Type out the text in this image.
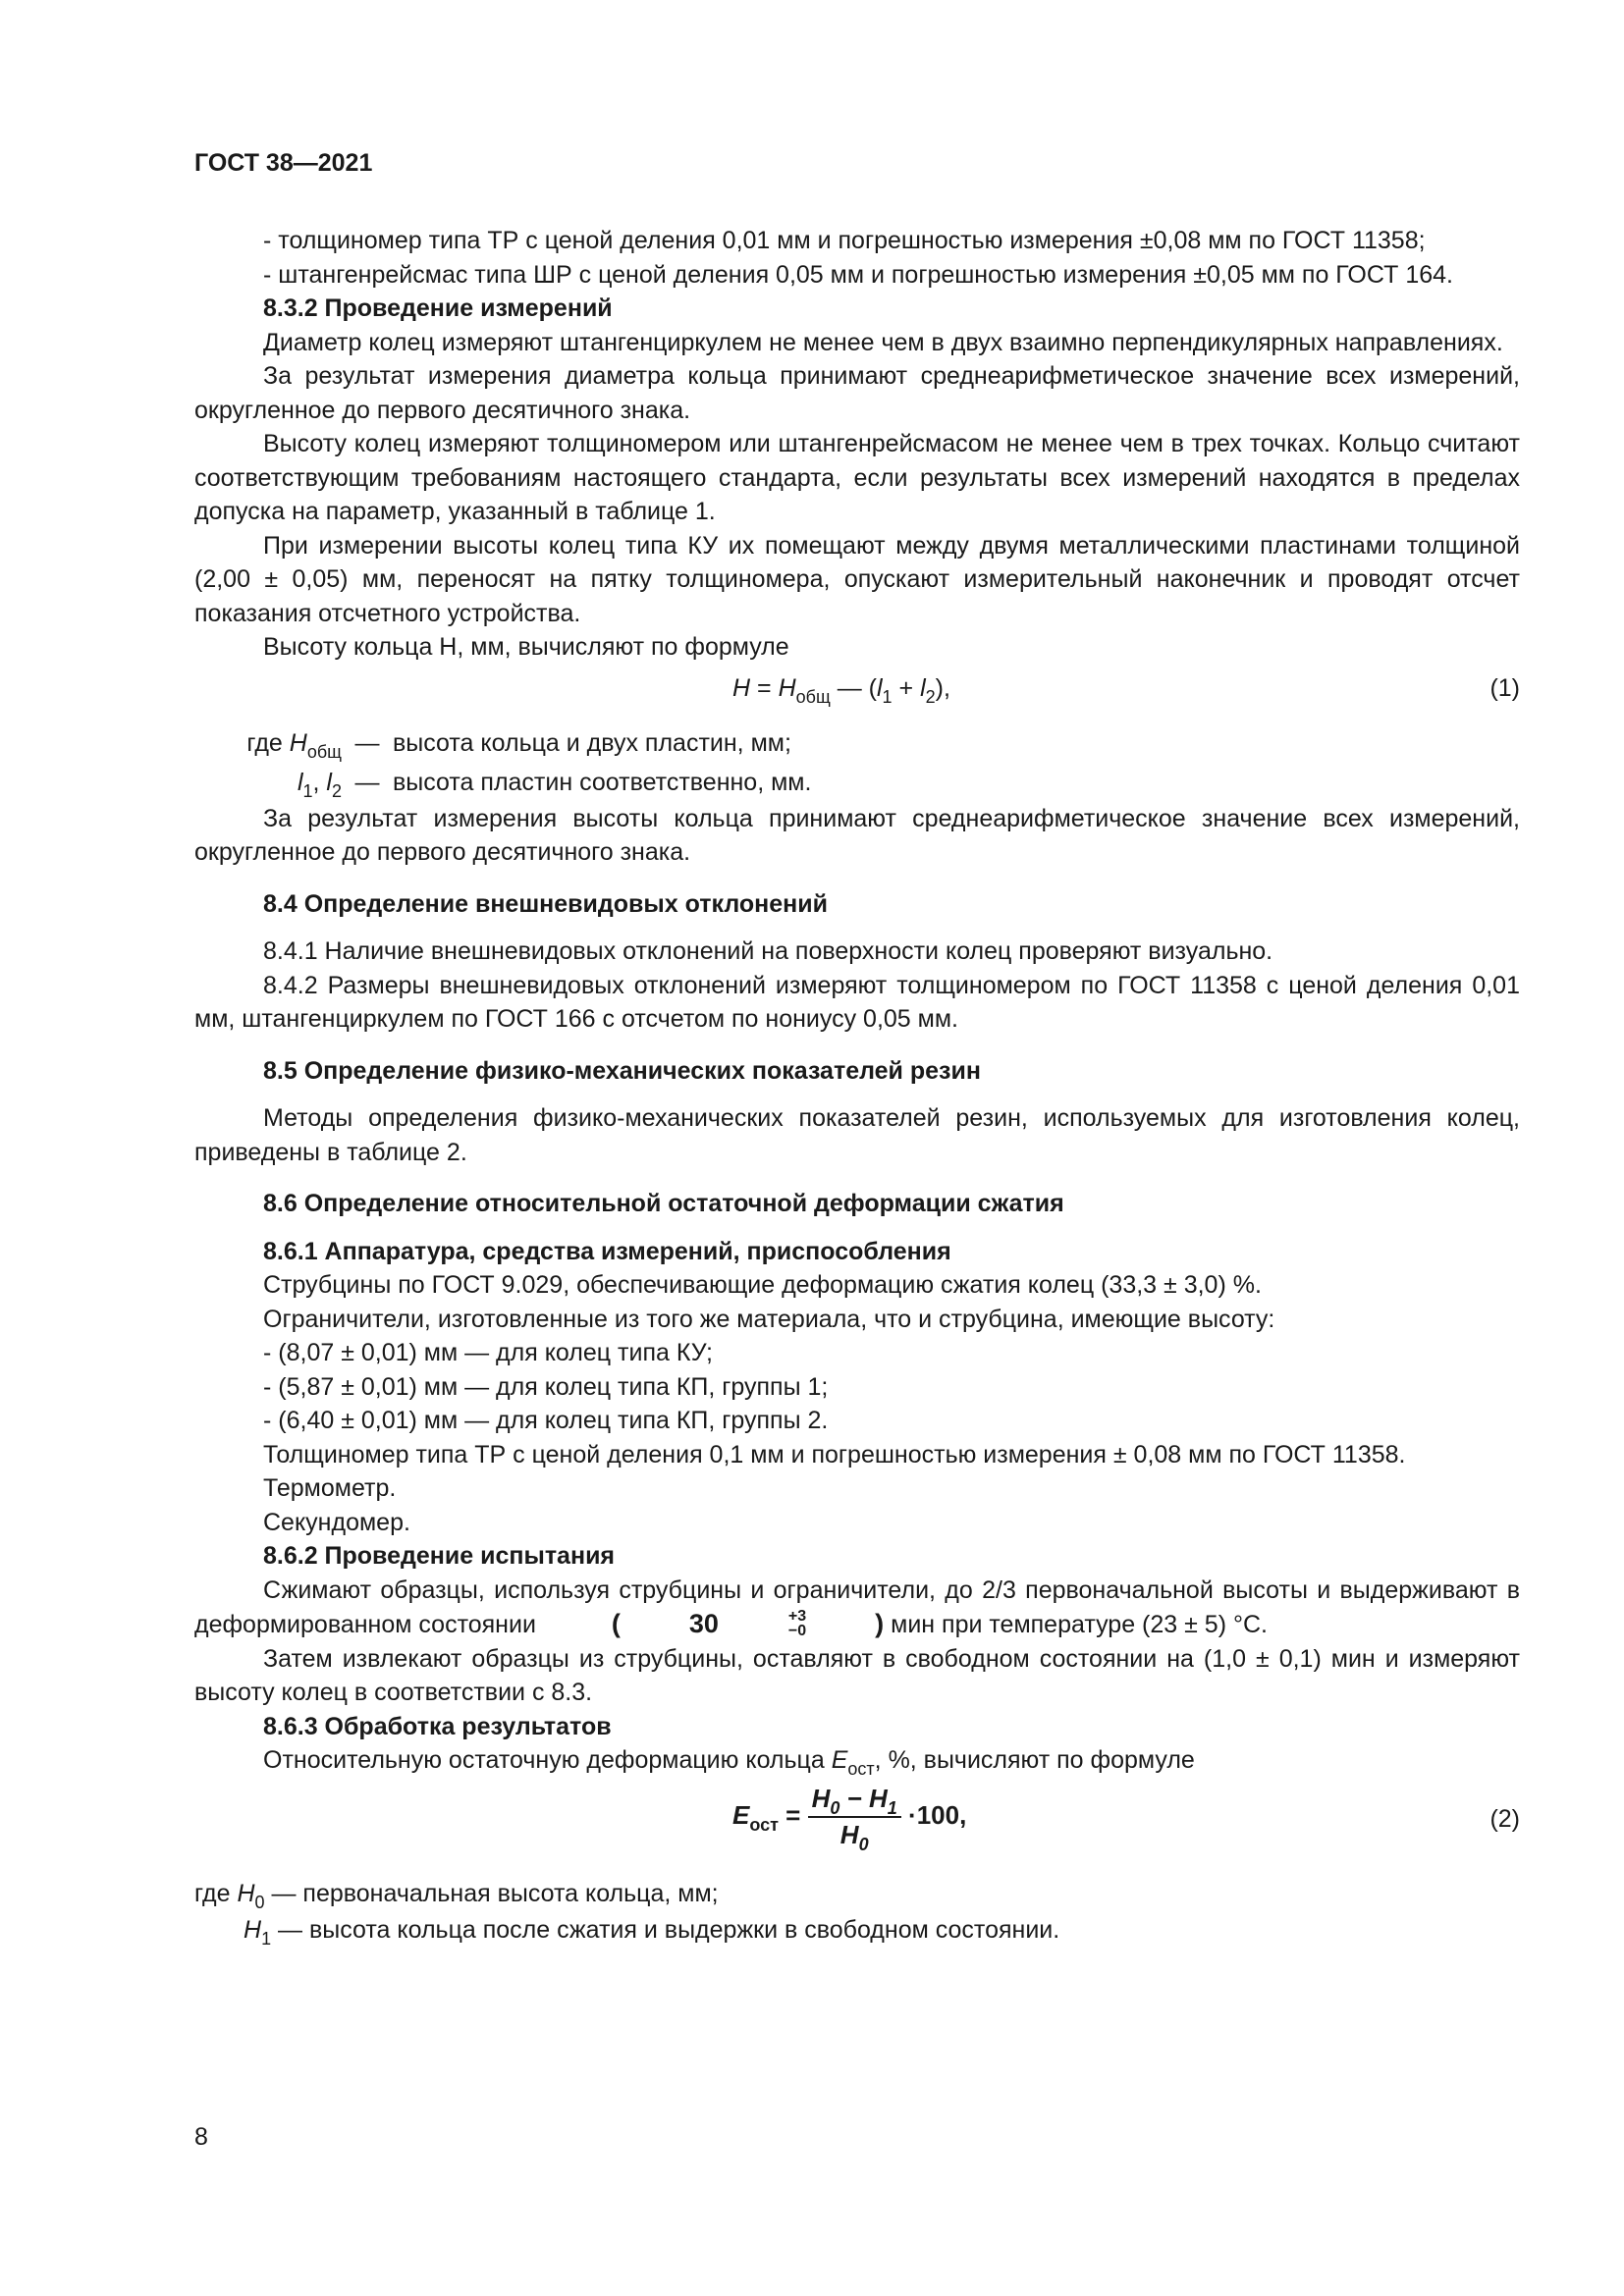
ГОСТ 38—2021

- толщиномер типа ТР с ценой деления 0,01 мм и погрешностью измерения ±0,08 мм по ГОСТ 11358;

- штангенрейсмас типа ШР с ценой деления 0,05 мм и погрешностью измерения ±0,05 мм по ГОСТ 164.

8.3.2 Проведение измерений

Диаметр колец измеряют штангенциркулем не менее чем в двух взаимно перпендикулярных направлениях.

За результат измерения диаметра кольца принимают среднеарифметическое значение всех измерений, округленное до первого десятичного знака.

Высоту колец измеряют толщиномером или штангенрейсмасом не менее чем в трех точках. Кольцо считают соответствующим требованиям настоящего стандарта, если результаты всех измерений находятся в пределах допуска на параметр, указанный в таблице 1.

При измерении высоты колец типа КУ их помещают между двумя металлическими пластинами толщиной (2,00 ± 0,05) мм, переносят на пятку толщиномера, опускают измерительный наконечник и проводят отсчет показания отсчетного устройства.

Высоту кольца Н, мм, вычисляют по формуле

$H = H_{общ}$ — $(l_1 + l_2)$,	(1)
где $H_{общ}$ — высота кольца и двух пластин, мм;
$l_1$, $l_2$ — высота пластин соответственно, мм.

За результат измерения высоты кольца принимают среднеарифметическое значение всех измерений, округленное до первого десятичного знака.

8.4 Определение внешневидовых отклонений

8.4.1 Наличие внешневидовых отклонений на поверхности колец проверяют визуально.

8.4.2 Размеры внешневидовых отклонений измеряют толщиномером по ГОСТ 11358 с ценой деления 0,01 мм, штангенциркулем по ГОСТ 166 с отсчетом по нониусу 0,05 мм.

8.5 Определение физико-механических показателей резин

Методы определения физико-механических показателей резин, используемых для изготовления колец, приведены в таблице 2.

8.6 Определение относительной остаточной деформации сжатия

8.6.1 Аппаратура, средства измерений, приспособления

Струбцины по ГОСТ 9.029, обеспечивающие деформацию сжатия колец (33,3 ± 3,0) %.

Ограничители, изготовленные из того же материала, что и струбцина, имеющие высоту:

- (8,07 ± 0,01) мм — для колец типа КУ;

- (5,87 ± 0,01) мм — для колец типа КП, группы 1;

- (6,40 ± 0,01) мм — для колец типа КП, группы 2.

Толщиномер типа ТР с ценой деления 0,1 мм и погрешностью измерения ± 0,08 мм по ГОСТ 11358.

Термометр.

Секундомер.

8.6.2 Проведение испытания

Сжимают образцы, используя струбцины и ограничители, до 2/3 первоначальной высоты и выдерживают в деформированном состоянии	(	30	+3
−0	) мин при температуре (23 ± 5) °С.

Затем извлекают образцы из струбцины, оставляют в свободном состоянии на (1,0 ± 0,1) мин и измеряют высоту колец в соответствии с 8.3.

8.6.3 Обработка результатов

Относительную остаточную деформацию кольца $E_{ост}$, %, вычисляют по формуле

$E_{ост} = \frac{H_0 - H_1}{H_0} \cdot 100$,	(2)
где $H_0$ — первоначальная высота кольца, мм;
$H_1$ — высота кольца после сжатия и выдержки в свободном состоянии.
8
